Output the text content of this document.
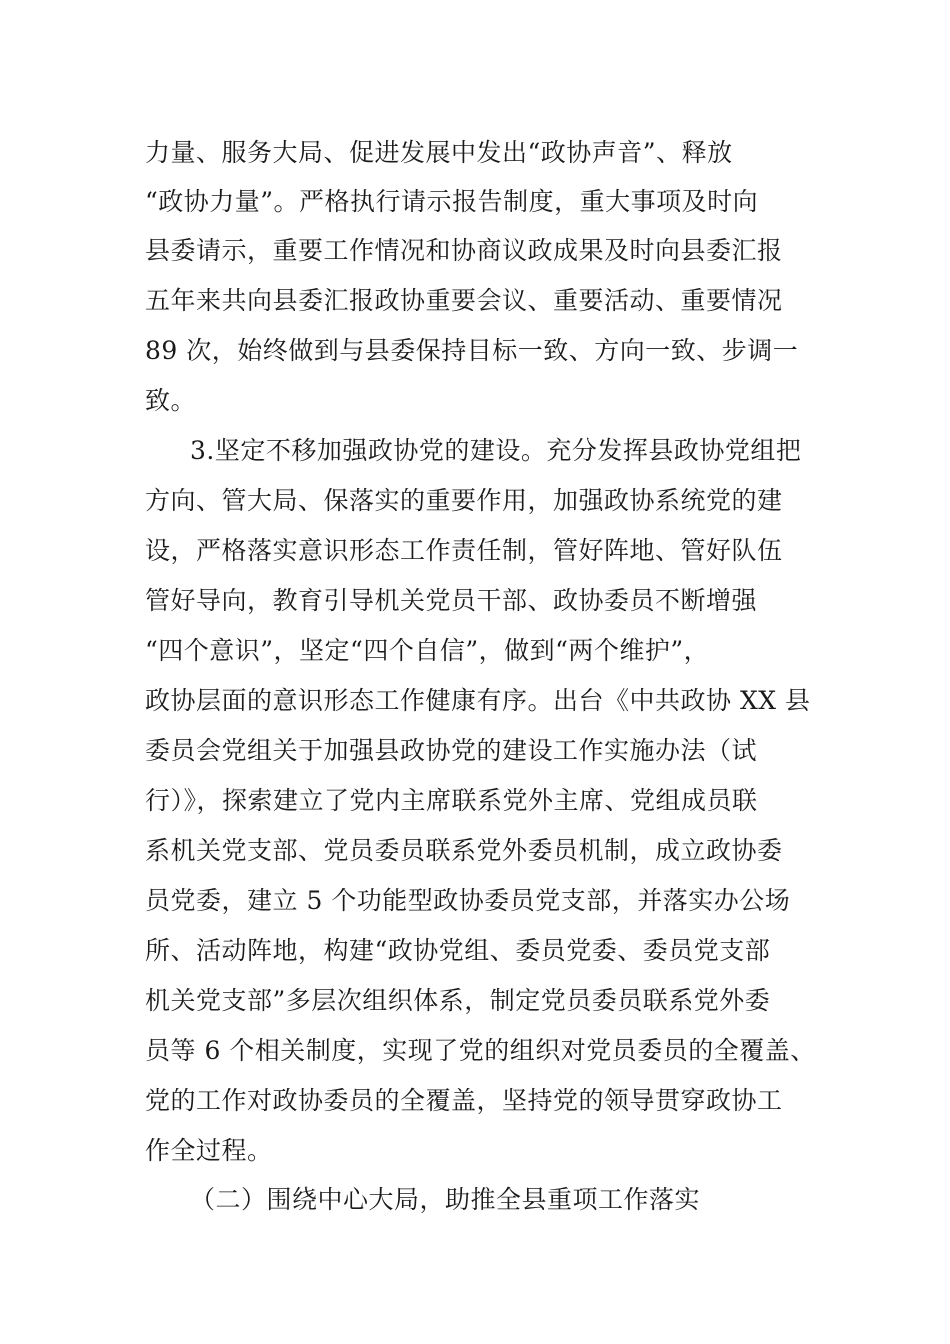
力量、服务大局、促进发展中发出“政协声音”、释放
“政协力量”。严格执行请示报告制度，重大事项及时向
县委请示，重要工作情况和协商议政成果及时向县委汇报
五年来共向县委汇报政协重要会议、重要活动、重要情况
89 次，始终做到与县委保持目标一致、方向一致、步调一
致。
3.坚定不移加强政协党的建设。充分发挥县政协党组把
方向、管大局、保落实的重要作用，加强政协系统党的建
设，严格落实意识形态工作责任制，管好阵地、管好队伍
管好导向，教育引导机关党员干部、政协委员不断增强
“四个意识”，坚定“四个自信”，做到“两个维护”，
政协层面的意识形态工作健康有序。出台《中共政协 XX 县
委员会党组关于加强县政协党的建设工作实施办法（试
行）》，探索建立了党内主席联系党外主席、党组成员联
系机关党支部、党员委员联系党外委员机制，成立政协委
员党委，建立 5 个功能型政协委员党支部，并落实办公场
所、活动阵地，构建“政协党组、委员党委、委员党支部
机关党支部”多层次组织体系，制定党员委员联系党外委
员等 6 个相关制度，实现了党的组织对党员委员的全覆盖、
党的工作对政协委员的全覆盖，坚持党的领导贯穿政协工
作全过程。
（二）围绕中心大局，助推全县重项工作落实
